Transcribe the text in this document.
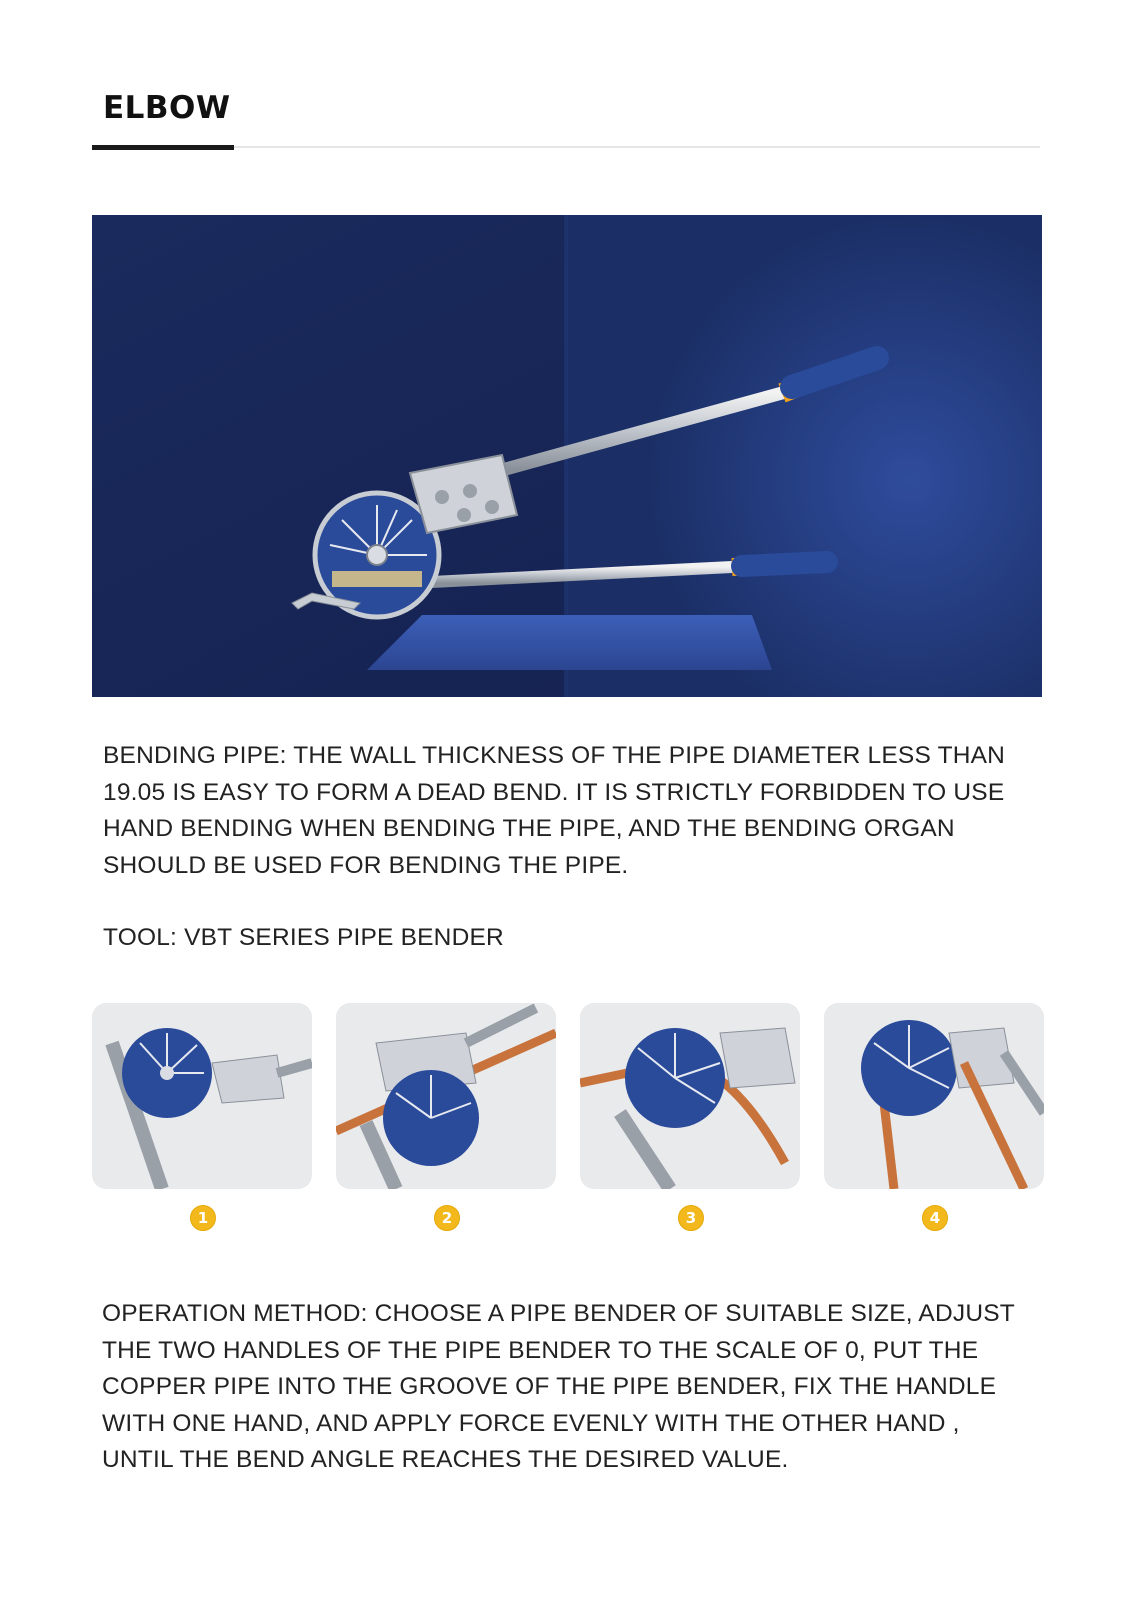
ELBOW

BENDING PIPE: THE WALL THICKNESS OF THE PIPE DIAMETER LESS THAN 19.05 IS EASY TO FORM A DEAD BEND. IT IS STRICTLY FORBIDDEN TO USE HAND BENDING WHEN BENDING THE PIPE, AND THE BENDING ORGAN SHOULD BE USED FOR BENDING THE PIPE.

TOOL: VBT SERIES PIPE BENDER

1	2	3	4

OPERATION METHOD: CHOOSE A PIPE BENDER OF SUITABLE SIZE, ADJUST THE TWO HANDLES OF THE PIPE BENDER TO THE SCALE OF 0, PUT THE COPPER PIPE INTO THE GROOVE OF THE PIPE BENDER, FIX THE HANDLE WITH ONE HAND, AND APPLY FORCE EVENLY WITH THE OTHER HAND , UNTIL THE BEND ANGLE REACHES THE DESIRED VALUE.
